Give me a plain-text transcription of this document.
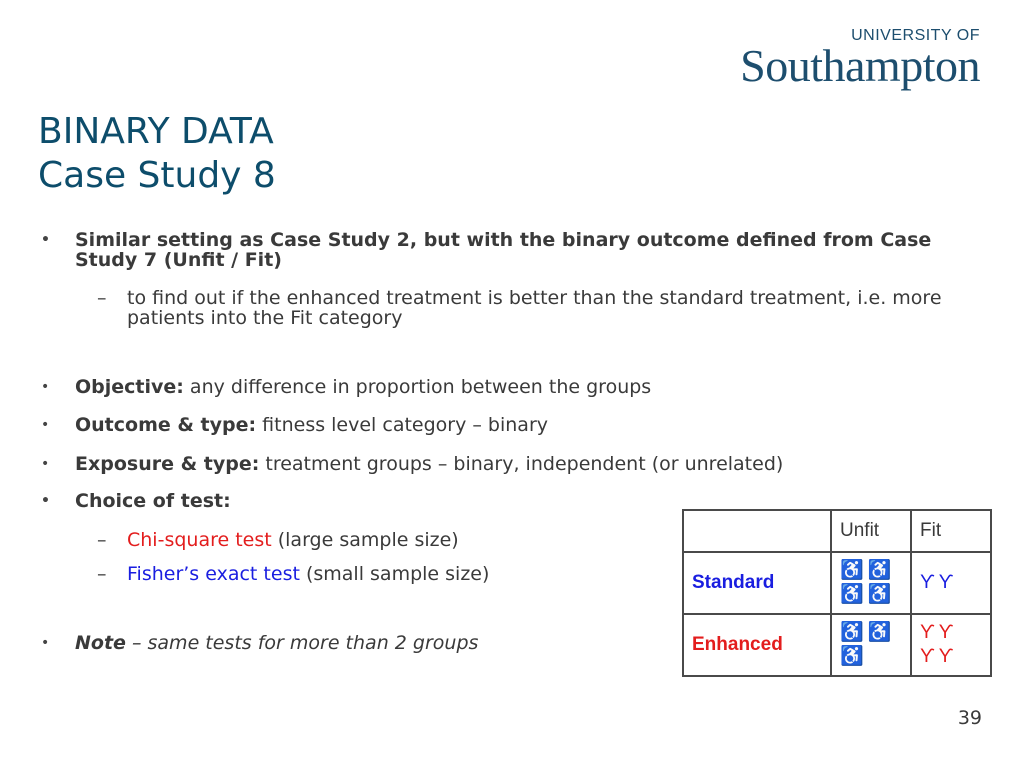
UNIVERSITY OF
Southampton
BINARY DATA
Case Study 8
• Similar setting as Case Study 2, but with the binary outcome defined from Case Study 7 (Unfit / Fit)
– to find out if the enhanced treatment is better than the standard treatment, i.e. more patients into the Fit category
• Objective: any difference in proportion between the groups
• Outcome & type: fitness level category – binary
• Exposure & type: treatment groups – binary, independent (or unrelated)
• Choice of test:
– Chi-square test (large sample size)
– Fisher’s exact test (small sample size)
• Note – same tests for more than 2 groups
	Unfit	Fit
Standard	♿♿ ♿♿	ϒϒ
Enhanced	♿♿ ♿	ϒϒ ϒϒ
39
